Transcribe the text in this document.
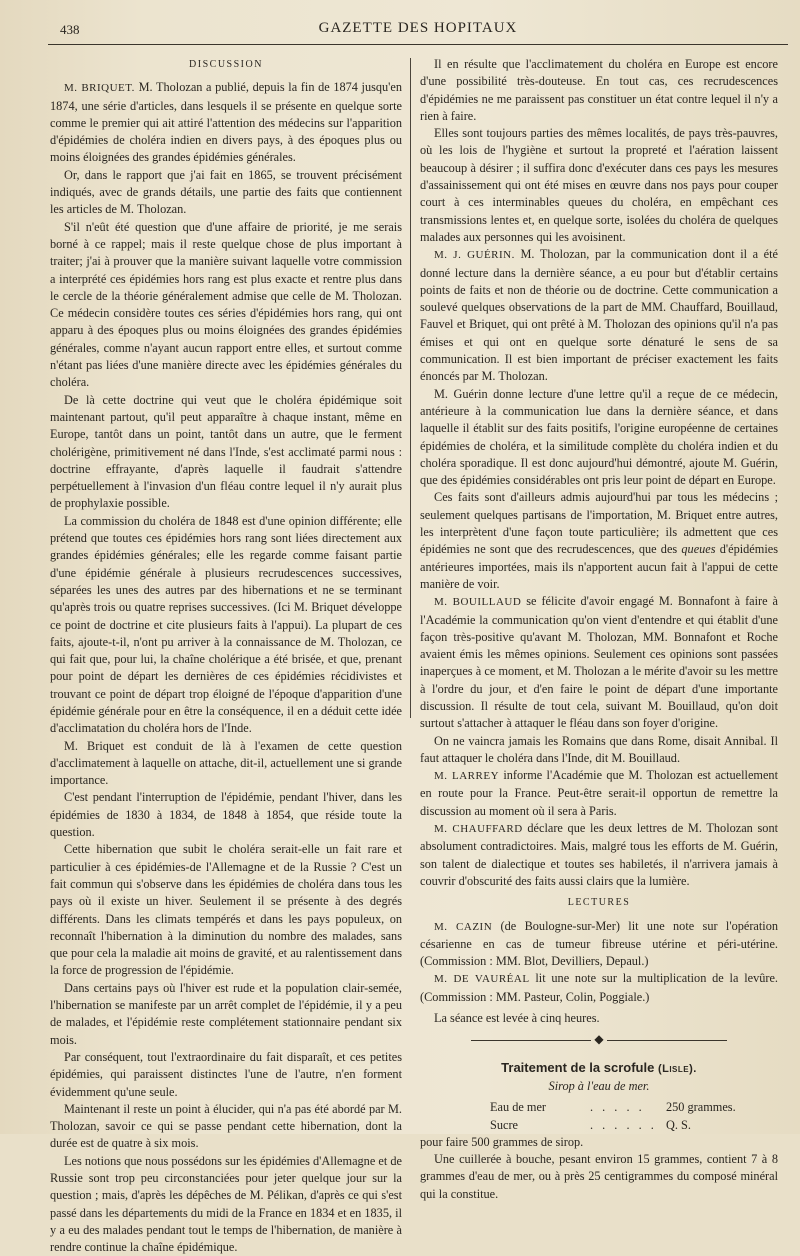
438	GAZETTE DES HOPITAUX
DISCUSSION

M. BRIQUET. M. Tholozan a publié, depuis la fin de 1874 jusqu'en 1874, une série d'articles, dans lesquels il se présente en quelque sorte comme le premier qui ait attiré l'attention des médecins sur l'apparition d'épidémies de choléra indien en divers pays, à des époques plus ou moins éloignées des grandes épidémies générales.

Or, dans le rapport que j'ai fait en 1865, se trouvent précisément indiqués, avec de grands détails, une partie des faits que contiennent les articles de M. Tholozan.

S'il n'eût été question que d'une affaire de priorité, je me serais borné à ce rappel; mais il reste quelque chose de plus important à traiter; j'ai à prouver que la manière suivant laquelle votre commission a interprété ces épidémies hors rang est plus exacte et rentre plus dans le cercle de la théorie généralement admise que celle de M. Tholozan. Ce médecin considère toutes ces séries d'épidémies hors rang, qui ont apparu à des époques plus ou moins éloignées des grandes épidémies générales, comme n'ayant aucun rapport entre elles, et surtout comme n'étant pas liées d'une manière directe avec les épidémies générales du choléra.

De là cette doctrine qui veut que le choléra épidémique soit maintenant partout, qu'il peut apparaître à chaque instant, même en Europe, tantôt dans un point, tantôt dans un autre, que le ferment cholérigène, primitivement né dans l'Inde, s'est acclimaté parmi nous : doctrine effrayante, d'après laquelle il faudrait s'attendre perpétuellement à l'invasion d'un fléau contre lequel il n'y aurait plus de prophylaxie possible.

La commission du choléra de 1848 est d'une opinion différente; elle prétend que toutes ces épidémies hors rang sont liées directement aux grandes épidémies générales; elle les regarde comme faisant partie d'une épidémie générale à plusieurs recrudescences successives, séparées les unes des autres par des hibernations et ne se terminant qu'après trois ou quatre reprises successives. (Ici M. Briquet développe ce point de doctrine et cite plusieurs faits à l'appui). La plupart de ces faits, ajoute-t-il, n'ont pu arriver à la connaissance de M. Tholozan, ce qui fait que, pour lui, la chaîne cholérique a été brisée, et que, prenant pour point de départ les dernières de ces épidémies récidivistes et trouvant ce point de départ trop éloigné de l'époque d'apparition d'une épidémie générale pour en être la conséquence, il en a déduit cette idée d'acclimatation du choléra hors de l'Inde.

M. Briquet est conduit de là à l'examen de cette question d'acclimatement à laquelle on attache, dit-il, actuellement une si grande importance.

C'est pendant l'interruption de l'épidémie, pendant l'hiver, dans les épidémies de 1830 à 1834, de 1848 à 1854, que réside toute la question.

Cette hibernation que subit le choléra serait-elle un fait rare et particulier à ces épidémies-de l'Allemagne et de la Russie ? C'est un fait commun qui s'observe dans les épidémies de choléra dans tous les pays où il existe un hiver. Seulement il se présente à des degrés différents. Dans les climats tempérés et dans les pays populeux, on reconnaît l'hibernation à la diminution du nombre des malades, sans que pour cela la maladie ait moins de gravité, et au ralentissement dans la force de progression de l'épidémie.

Dans certains pays où l'hiver est rude et la population clair-semée, l'hibernation se manifeste par un arrêt complet de l'épidémie, il y a peu de malades, et l'épidémie reste complétement stationnaire pendant six mois.

Par conséquent, tout l'extraordinaire du fait disparaît, et ces petites épidémies, qui paraissent distinctes l'une de l'autre, n'en forment évidemment qu'une seule.

Maintenant il reste un point à élucider, qui n'a pas été abordé par M. Tholozan, savoir ce qui se passe pendant cette hibernation, dont la durée est de quatre à six mois.

Les notions que nous possédons sur les épidémies d'Allemagne et de Russie sont trop peu circonstanciées pour jeter quelque jour sur la question ; mais, d'après les dépêches de M. Pélikan, d'après ce qui s'est passé dans les départements du midi de la France en 1834 et en 1835, il y a eu des malades pendant tout le temps de l'hibernation, de manière à rendre continue la chaîne épidémique.

Il en résulte que l'acclimatement du choléra en Europe est encore d'une possibilité très-douteuse. En tout cas, ces recrudescences d'épidémies ne me paraissent pas constituer un état contre lequel il n'y a rien à faire.

Elles sont toujours parties des mêmes localités, de pays très-pauvres, où les lois de l'hygiène et surtout la propreté et l'aération laissent beaucoup à désirer ; il suffira donc d'exécuter dans ces pays les mesures d'assainissement qui ont été mises en œuvre dans nos pays pour couper court à ces interminables queues du choléra, en empêchant ces transmissions lentes et, en quelque sorte, isolées du choléra de quelques malades aux personnes qui les avoisinent.

M. J. GUÉRIN. M. Tholozan, par la communication dont il a été donné lecture dans la dernière séance, a eu pour but d'établir certains points de faits et non de théorie ou de doctrine. Cette communication a soulevé quelques observations de la part de MM. Chauffard, Bouillaud, Fauvel et Briquet, qui ont prêté à M. Tholozan des opinions qu'il n'a pas émises et qui ont en quelque sorte dénaturé le sens de sa communication. Il est bien important de préciser exactement les faits énoncés par M. Tholozan.

M. Guérin donne lecture d'une lettre qu'il a reçue de ce médecin, antérieure à la communication lue dans la dernière séance, et dans laquelle il établit sur des faits positifs, l'origine européenne de certaines épidémies de choléra, et la similitude complète du choléra indien et du choléra sporadique. Il est donc aujourd'hui démontré, ajoute M. Guérin, que des épidémies considérables ont pris leur point de départ en Europe.

Ces faits sont d'ailleurs admis aujourd'hui par tous les médecins ; seulement quelques partisans de l'importation, M. Briquet entre autres, les interprètent d'une façon toute particulière; ils admettent que ces épidémies ne sont que des recrudescences, que des queues d'épidémies antérieures importées, mais ils n'apportent aucun fait à l'appui de cette manière de voir.

M. BOUILLAUD se félicite d'avoir engagé M. Bonnafont à faire à l'Académie la communication qu'on vient d'entendre et qui établit d'une façon très-positive qu'avant M. Tholozan, MM. Bonnafont et Roche avaient émis les mêmes opinions. Seulement ces opinions sont passées inaperçues à ce moment, et M. Tholozan a le mérite d'avoir su les mettre à l'ordre du jour, et d'en faire le point de départ d'une importante discussion. Il résulte de tout cela, suivant M. Bouillaud, qu'on doit surtout s'attacher à attaquer le fléau dans son foyer d'origine.

On ne vaincra jamais les Romains que dans Rome, disait Annibal. Il faut attaquer le choléra dans l'Inde, dit M. Bouillaud.

M. LARREY informe l'Académie que M. Tholozan est actuellement en route pour la France. Peut-être serait-il opportun de remettre la discussion au moment où il sera à Paris.

M. CHAUFFARD déclare que les deux lettres de M. Tholozan sont absolument contradictoires. Mais, malgré tous les efforts de M. Guérin, son talent de dialectique et toutes ses habiletés, il n'arrivera jamais à couvrir d'obscurité des faits aussi clairs que la lumière.

LECTURES

M. CAZIN (de Boulogne-sur-Mer) lit une note sur l'opération césarienne en cas de tumeur fibreuse utérine et péri-utérine. (Commission : MM. Blot, Devilliers, Depaul.)

M. DE VAURÉAL lit une note sur la multiplication de la levûre. (Commission : MM. Pasteur, Colin, Poggiale.)

La séance est levée à cinq heures.

◆
Traitement de la scrofule (Lisle).
Sirop à l'eau de mer.
Eau de mer	. . . . . 250 grammes.
Sucre	. . . . . . Q. S.

pour faire 500 grammes de sirop.

Une cuillerée à bouche, pesant environ 15 grammes, contient 7 à 8 grammes d'eau de mer, ou à près 25 centigrammes du composé minéral qui la constitue.
